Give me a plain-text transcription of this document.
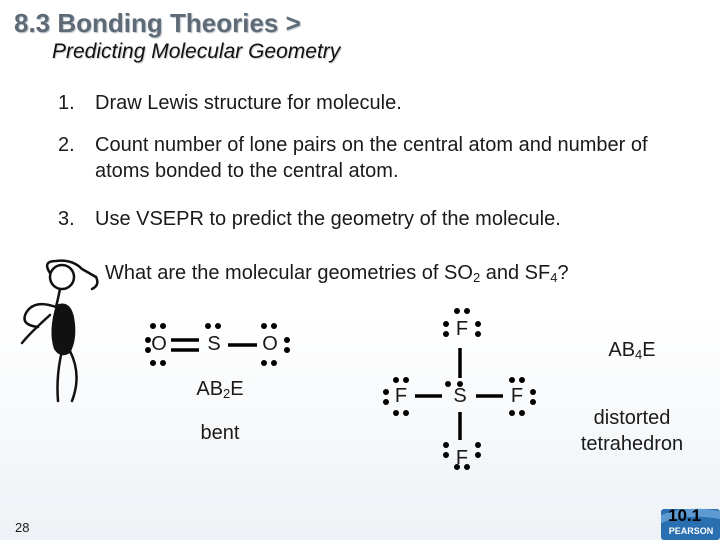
8.3 Bonding Theories >
Predicting Molecular Geometry
1.	Draw Lewis structure for molecule.
2.	Count number of lone pairs on the central atom and number of atoms bonded to the central atom.
3.	Use VSEPR to predict the geometry of the molecule.
What are the molecular geometries of $SO_2$ and $SF_4$?
O S O
F
F S F
F
$AB_2E$
bent
$AB_4E$
distorted
tetrahedron
28	PEARSON
10.1
